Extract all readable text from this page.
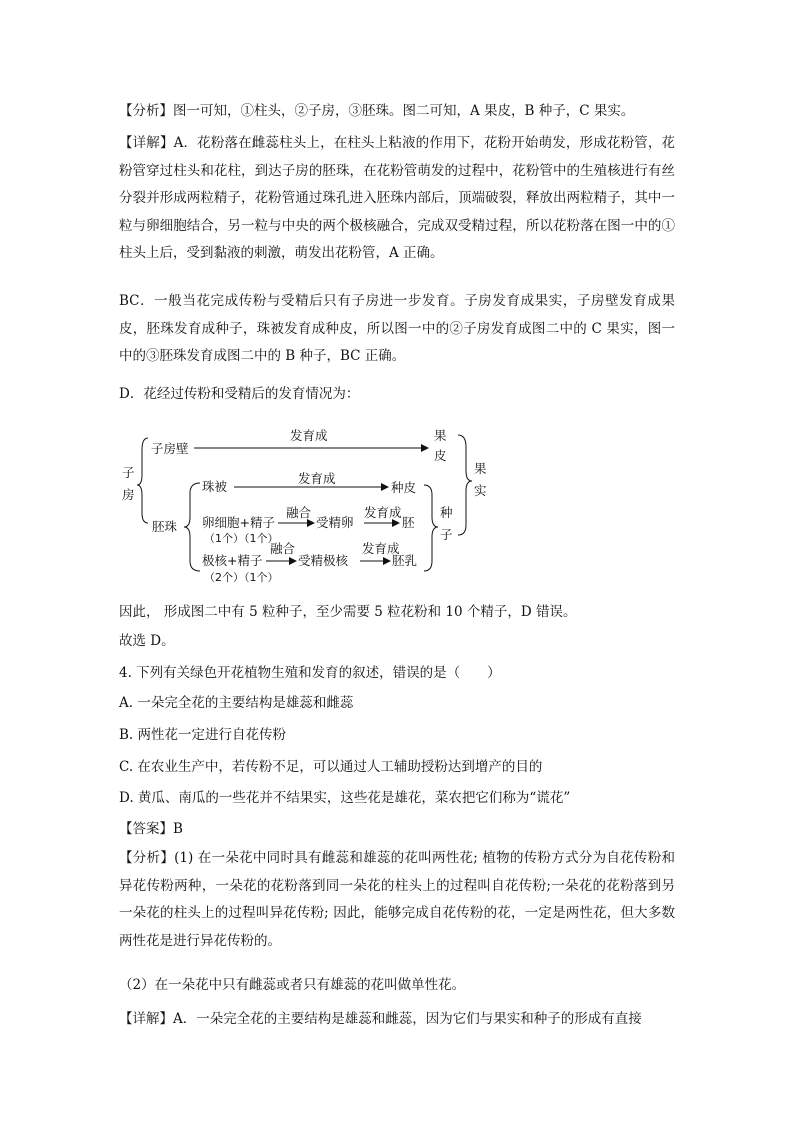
【分析】图一可知，①柱头，②子房，③胚珠。图二可知，A 果皮，B 种子，C 果实。

【详解】A．花粉落在雌蕊柱头上，在柱头上粘液的作用下，花粉开始萌发，形成花粉管，花粉管穿过柱头和花柱，到达子房的胚珠，在花粉管萌发的过程中，花粉管中的生殖核进行有丝分裂并形成两粒精子，花粉管通过珠孔进入胚珠内部后，顶端破裂，释放出两粒精子，其中一粒与卵细胞结合，另一粒与中央的两个极核融合，完成双受精过程，所以花粉落在图一中的①柱头上后，受到黏液的刺激，萌发出花粉管，A 正确。

BC．一般当花完成传粉与受精后只有子房进一步发育。子房发育成果实，子房壁发育成果皮，胚珠发育成种子，珠被发育成种皮，所以图一中的②子房发育成图二中的 C 果实，图一中的③胚珠发育成图二中的 B 种子，BC 正确。

D．花经过传粉和受精后的发育情况为：

子
房
子房壁
发育成	果
皮
胚珠
珠被
发育成
种皮
卵细胞+精子
（1个）（1个）
融合
受精卵
发育成
胚
极核+精子
（2个）（1个）
融合
受精极核
发育成
胚乳
种
子
果
实

因此， 形成图二中有 5 粒种子，至少需要 5 粒花粉和 10 个精子，D 错误。

故选 D。

4. 下列有关绿色开花植物生殖和发育的叙述，错误的是（　　）

A. 一朵完全花的主要结构是雄蕊和雌蕊

B. 两性花一定进行自花传粉

C. 在农业生产中，若传粉不足，可以通过人工辅助授粉达到增产的目的

D. 黄瓜、南瓜的一些花并不结果实，这些花是雄花，菜农把它们称为“谎花”

【答案】B

【分析】(1) 在一朵花中同时具有雌蕊和雄蕊的花叫两性花; 植物的传粉方式分为自花传粉和异花传粉两种，一朵花的花粉落到同一朵花的柱头上的过程叫自花传粉;一朵花的花粉落到另一朵花的柱头上的过程叫异花传粉; 因此，能够完成自花传粉的花，一定是两性花，但大多数两性花是进行异花传粉的。

（2）在一朵花中只有雌蕊或者只有雄蕊的花叫做单性花。

【详解】A．一朵完全花的主要结构是雄蕊和雌蕊，因为它们与果实和种子的形成有直接
